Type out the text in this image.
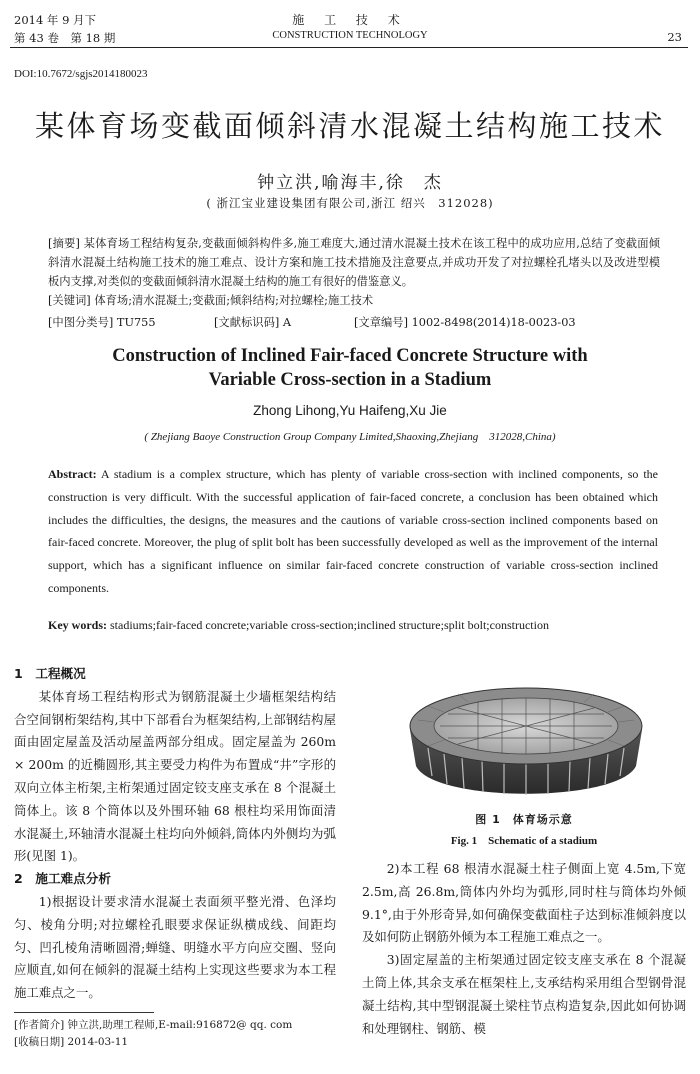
2014 年 9 月下
第 43 卷　第 18 期
施 工 技 术
CONSTRUCTION TECHNOLOGY	23
DOI:10.7672/sgjs2014180023
某体育场变截面倾斜清水混凝土结构施工技术
钟立洪,喻海丰,徐　杰
( 浙江宝业建设集团有限公司,浙江 绍兴　312028)
[摘要] 某体育场工程结构复杂,变截面倾斜构件多,施工难度大,通过清水混凝土技术在该工程中的成功应用,总结了变截面倾斜清水混凝土结构施工技术的施工难点、设计方案和施工技术措施及注意要点,并成功开发了对拉螺栓孔堵头以及改进型模板内支撑,对类似的变截面倾斜清水混凝土结构的施工有很好的借鉴意义。
[关键词] 体育场;清水混凝土;变截面;倾斜结构;对拉螺栓;施工技术
[中图分类号] TU755	[文献标识码] A	[文章编号] 1002-8498(2014)18-0023-03
Construction of Inclined Fair-faced Concrete Structure with
Variable Cross-section in a Stadium
Zhong Lihong,Yu Haifeng,Xu Jie
( Zhejiang Baoye Construction Group Company Limited,Shaoxing,Zhejiang　312028,China)
Abstract: A stadium is a complex structure, which has plenty of variable cross-section with inclined components, so the construction is very difficult. With the successful application of fair-faced concrete, a conclusion has been obtained which includes the difficulties, the designs, the measures and the cautions of variable cross-section inclined components based on fair-faced concrete. Moreover, the plug of split bolt has been successfully developed as well as the improvement of the internal support, which has a significant influence on similar fair-faced concrete construction of variable cross-section inclined components.
Key words: stadiums;fair-faced concrete;variable cross-section;inclined structure;split bolt;construction
1　工程概况

某体育场工程结构形式为钢筋混凝土少墙框架结构结合空间钢桁架结构,其中下部看台为框架结构,上部钢结构屋面由固定屋盖及活动屋盖两部分组成。固定屋盖为 260m × 200m 的近椭圆形,其主要受力构件为布置成“井”字形的双向立体主桁架,主桁架通过固定铰支座支承在 8 个混凝土筒体上。该 8 个筒体以及外围环轴 68 根柱均采用饰面清水混凝土,环轴清水混凝土柱均向外倾斜,筒体内外侧均为弧形(见图 1)。

2　施工难点分析

1)根据设计要求清水混凝土表面须平整光滑、色泽均匀、棱角分明;对拉螺栓孔眼要求保证纵横成线、间距均匀、凹孔棱角清晰圆滑;蝉缝、明缝水平方向应交圈、竖向应顺直,如何在倾斜的混凝土结构上实现这些要求为本工程施工难点之一。

图 1　体育场示意
Fig. 1　Schematic of a stadium

2)本工程 68 根清水混凝土柱子侧面上宽 4.5m,下宽 2.5m,高 26.8m,筒体内外均为弧形,同时柱与筒体均外倾 9.1°,由于外形奇异,如何确保变截面柱子达到标准倾斜度以及如何防止钢筋外倾为本工程施工难点之一。

3)固定屋盖的主桁架通过固定铰支座支承在 8 个混凝土筒上体,其余支承在框架柱上,支承结构采用组合型钢骨混凝土结构,其中型钢混凝土梁柱节点构造复杂,因此如何协调和处理钢柱、钢筋、模

[作者简介] 钟立洪,助理工程师,E-mail:916872@ qq. com
[收稿日期] 2014-03-11
